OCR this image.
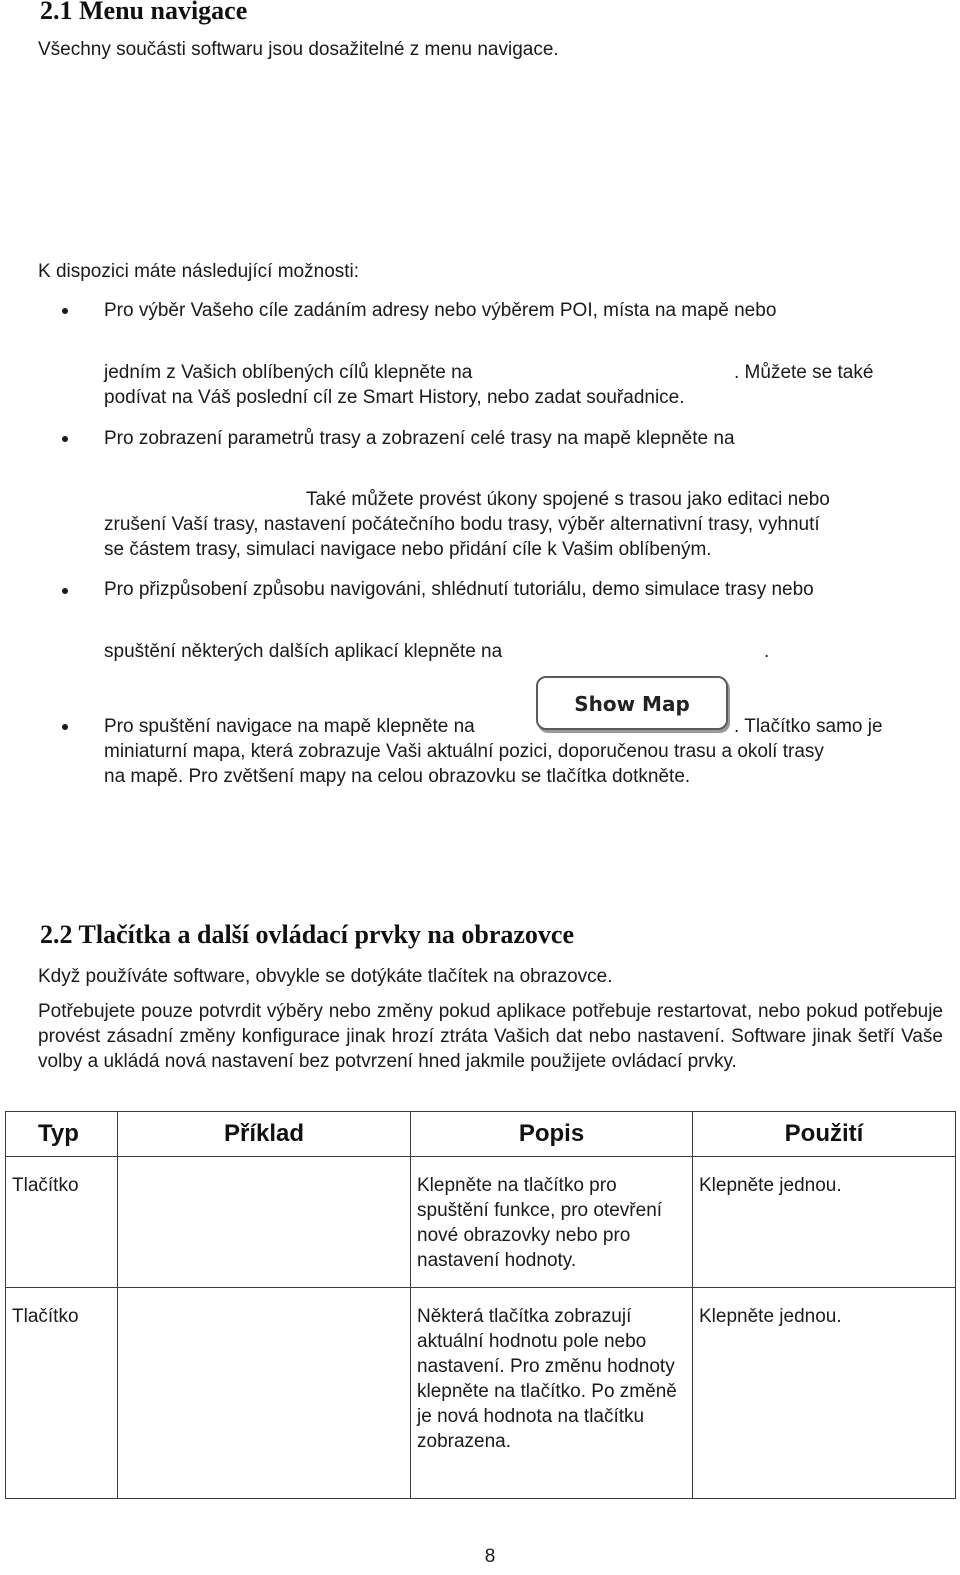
2.1 Menu navigace
Všechny součásti softwaru jsou dosažitelné z menu navigace.
K dispozici máte následující možnosti:
Pro výběr Vašeho cíle zadáním adresy nebo výběrem POI, místa na mapě nebo
jedním z Vašich oblíbených cílů klepněte na	. Můžete se také
podívat na Váš poslední cíl ze Smart History, nebo zadat souřadnice.
Pro zobrazení parametrů trasy a zobrazení celé trasy na mapě klepněte na
Také můžete provést úkony spojené s trasou jako editaci nebo
zrušení Vaší trasy, nastavení počátečního bodu trasy, výběr alternativní trasy, vyhnutí
se částem trasy, simulaci navigace nebo přidání cíle k Vašim oblíbeným.
Pro přizpůsobení způsobu navigováni, shlédnutí tutoriálu, demo simulace trasy nebo
spuštění některých dalších aplikací klepněte na	.
Pro spuštění navigace na mapě klepněte na
Show Map
. Tlačítko samo je
miniaturní mapa, která zobrazuje Vaši aktuální pozici, doporučenou trasu a okolí trasy
na mapě. Pro zvětšení mapy na celou obrazovku se tlačítka dotkněte.
2.2 Tlačítka a další ovládací prvky na obrazovce
Když používáte software, obvykle se dotýkáte tlačítek na obrazovce.
Potřebujete pouze potvrdit výběry nebo změny pokud aplikace potřebuje restartovat, nebo pokud potřebuje provést zásadní změny konfigurace jinak hrozí ztráta Vašich dat nebo nastavení. Software jinak šetří Vaše volby a ukládá nová nastavení bez potvrzení hned jakmile použijete ovládací prvky.
Typ	Příklad	Popis	Použití
Tlačítko		Klepněte na tlačítko pro spuštění funkce, pro otevření nové obrazovky nebo pro nastavení hodnoty.	Klepněte jednou.
Tlačítko		Některá tlačítka zobrazují aktuální hodnotu pole nebo nastavení. Pro změnu hodnoty klepněte na tlačítko. Po změně je nová hodnota na tlačítku zobrazena.	Klepněte jednou.
8
